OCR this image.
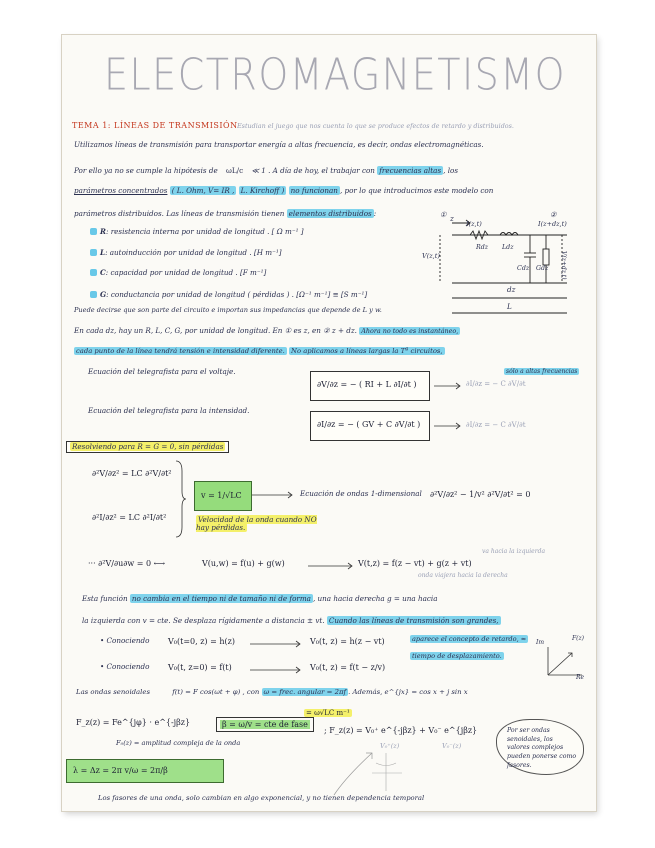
ELECTROMAGNETISMO
TEMA 1: LÍNEAS DE TRANSMISIÓN Estudian el juego que nos cuenta lo que se produce efectos de retardo y distribuidos.
Utilizamos líneas de transmisión para transportar energía a altas frecuencia, es decir, ondas electromagnéticas.
Por ello ya no se cumple la hipótesis de ωL/c ≪ 1 . A día de hoy, el trabajar con frecuencias altas , los
parámetros concentrados ( L. Ohm, V= IR , L. Kirchoff ) no funcionan , por lo que introducimos este modelo con
parámetros distribuidos. Las líneas de transmisión tienen elementos distribuidos :
R: resistencia interna por unidad de longitud . [ Ω m⁻¹ ]
L: autoinducción por unidad de longitud . [H m⁻¹]
C: capacidad por unidad de longitud . [F m⁻¹]
G: conductancia por unidad de longitud ( pérdidas ) . [Ω⁻¹ m⁻¹] ≡ [S m⁻¹]
z
①	②
I(z,t)	I(z+dz,t)
V(z,t)	V(z+dz,t)
Rdz Ldz
Cdz Gdz
dz
L
Puede decirse que son parte del circuito e importan sus impedancias que depende de L y w.
En cada dz, hay un R, L, C, G, por unidad de longitud. En ① es z, en ② z + dz. Ahora no todo es instantáneo,
cada punto de la línea tendrá tensión e intensidad diferente. No aplicamos a líneas largas la Tª circuitos,
sólo a altas frecuencias
Ecuación del telegrafista para el voltaje.
∂V/∂z = − ( RI + L ∂I/∂t )	∂I/∂z = − C ∂V/∂t
Ecuación del telegrafista para la intensidad.
∂I/∂z = − ( GV + C ∂V/∂t )	∂I/∂z = − C ∂V/∂t
Resolviendo para R = G = 0, sin pérdidas
∂²V/∂z² = LC ∂²V/∂t²
∂²I/∂z² = LC ∂²I/∂t²
v = 1/√LC	Ecuación de ondas 1-dimensional ∂²V/∂z² − 1/v² ∂²V/∂t² = 0
Velocidad de la onda cuando NO hay pérdidas.
··· ∂²V/∂u∂w = 0 ⟷	V(u,w) = f(u) + g(w)	V(t,z) = f(z − vt) + g(z + vt)
va hacia la izquierda
onda viajera hacia la derecha
Esta función no cambia en el tiempo ni de tamaño ni de forma , una hacia derecha g = una hacia
la izquierda con v = cte. Se desplaza rígidamente a distancia ± vt. Cuando las líneas de transmisión son grandes,
aparece el concepto de retardo, ≈
tiempo de desplazamiento.
• Conociendo V₀(t=0, z) = h(z)	V₀(t, z) = h(z − vt)
• Conociendo V₀(t, z=0) = f(t)	V₀(t, z) = f(t − z/v)
Im
F(z)
Re
Las ondas senoidales	f(t) = F cos(ωt + φ) , con ω = frec. angular = 2πf . Además, e^{jx} = cos x + j sin x
F_z(z) = Fe^{jφ} · e^{-jβz}	β = ω/v = cte de fase
= ω√LC m⁻¹
; F_z(z) = V₀⁺ e^{-jβz} + V₀⁻ e^{jβz}
V₀⁺(z)	V₀⁻(z)
F₀(z) = amplitud compleja de la onda
Por ser ondas senoidales, los valores complejos pueden ponerse como fasores.
λ = Δz = 2π v/ω = 2π/β
Los fasores de una onda, solo cambian en algo exponencial, y no tienen dependencia temporal
